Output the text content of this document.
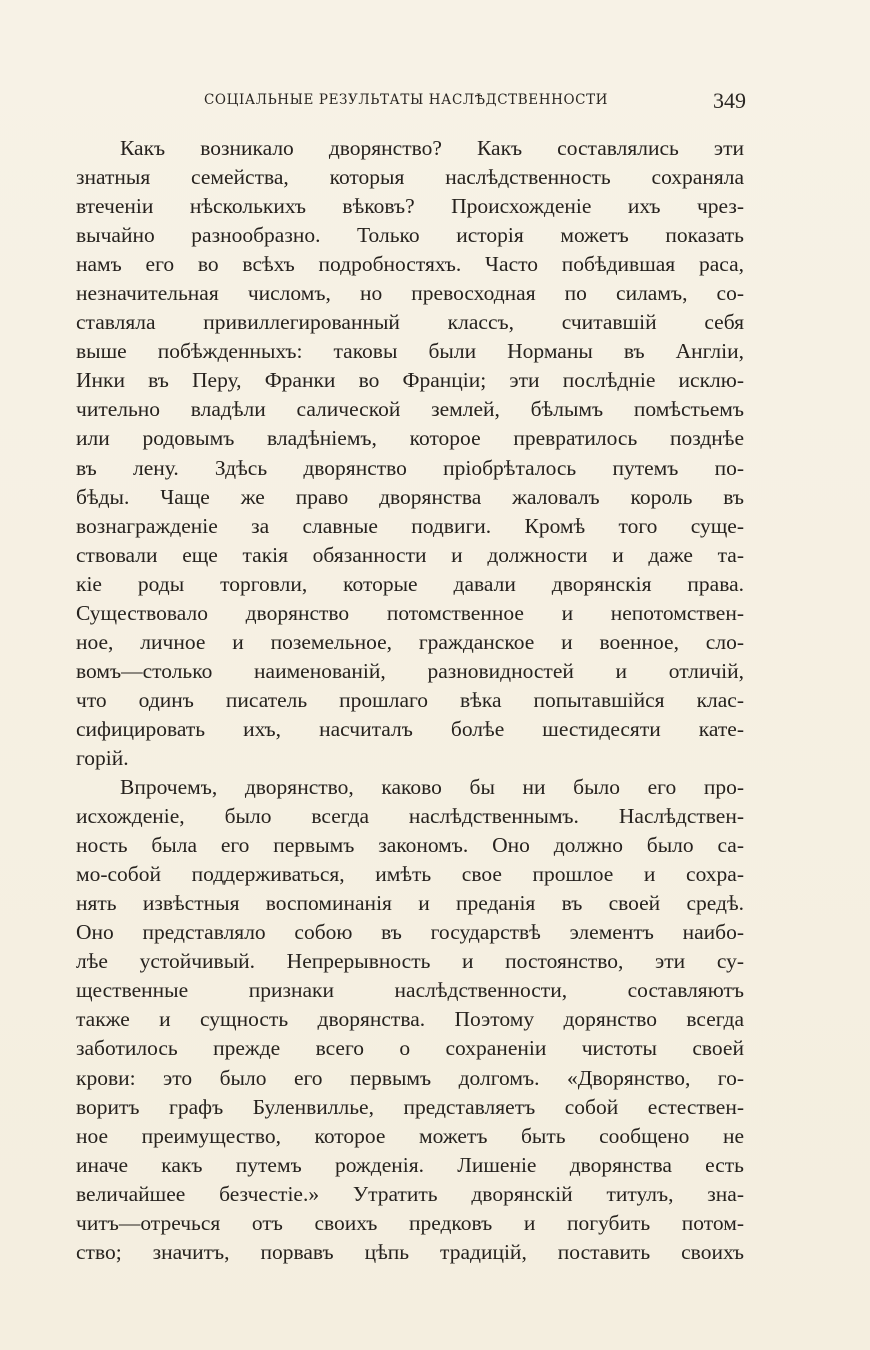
СОЦІАЛЬНЫЕ РЕЗУЛЬТАТЫ НАСЛѢДСТВЕННОСТИ	349
Какъ возникало дворянство? Какъ составлялись эти
знатныя семейства, которыя наслѣдственность сохраняла
втеченіи нѣсколькихъ вѣковъ? Происхожденіе ихъ чрез-
вычайно разнообразно. Только исторія можетъ показать
намъ его во всѣхъ подробностяхъ. Часто побѣдившая раса,
незначительная числомъ, но превосходная по силамъ, со-
ставляла привиллегированный классъ, считавшій себя
выше побѣжденныхъ: таковы были Норманы въ Англіи,
Инки въ Перу, Франки во Франціи; эти послѣдніе исклю-
чительно владѣли салической землей, бѣлымъ помѣстьемъ
или родовымъ владѣніемъ, которое превратилось позднѣе
въ лену. Здѣсь дворянство пріобрѣталось путемъ по-
бѣды. Чаще же право дворянства жаловалъ король въ
вознагражденіе за славные подвиги. Кромѣ того суще-
ствовали еще такія обязанности и должности и даже та-
кіе роды торговли, которые давали дворянскія права.
Существовало дворянство потомственное и непотомствен-
ное, личное и поземельное, гражданское и военное, сло-
вомъ—столько наименованій, разновидностей и отличій,
что одинъ писатель прошлаго вѣка попытавшійся клас-
сифицировать ихъ, насчиталъ болѣе шестидесяти кате-
горій.
Впрочемъ, дворянство, каково бы ни было его про-
исхожденіе, было всегда наслѣдственнымъ. Наслѣдствен-
ность была его первымъ закономъ. Оно должно было са-
мо-собой поддерживаться, имѣть свое прошлое и сохра-
нять извѣстныя воспоминанія и преданія въ своей средѣ.
Оно представляло собою въ государствѣ элементъ наибо-
лѣе устойчивый. Непрерывность и постоянство, эти су-
щественные признаки наслѣдственности, составляютъ
также и сущность дворянства. Поэтому дорянство всегда
заботилось прежде всего о сохраненіи чистоты своей
крови: это было его первымъ долгомъ. «Дворянство, го-
воритъ графъ Буленвилльe, представляетъ собой естествен-
ное преимущество, которое можетъ быть сообщено не
иначе какъ путемъ рожденія. Лишеніе дворянства есть
величайшее безчестіе.» Утратить дворянскій титулъ, зна-
читъ—отречься отъ своихъ предковъ и погубить потом-
ство; значитъ, порвавъ цѣпь традицій, поставить своихъ
